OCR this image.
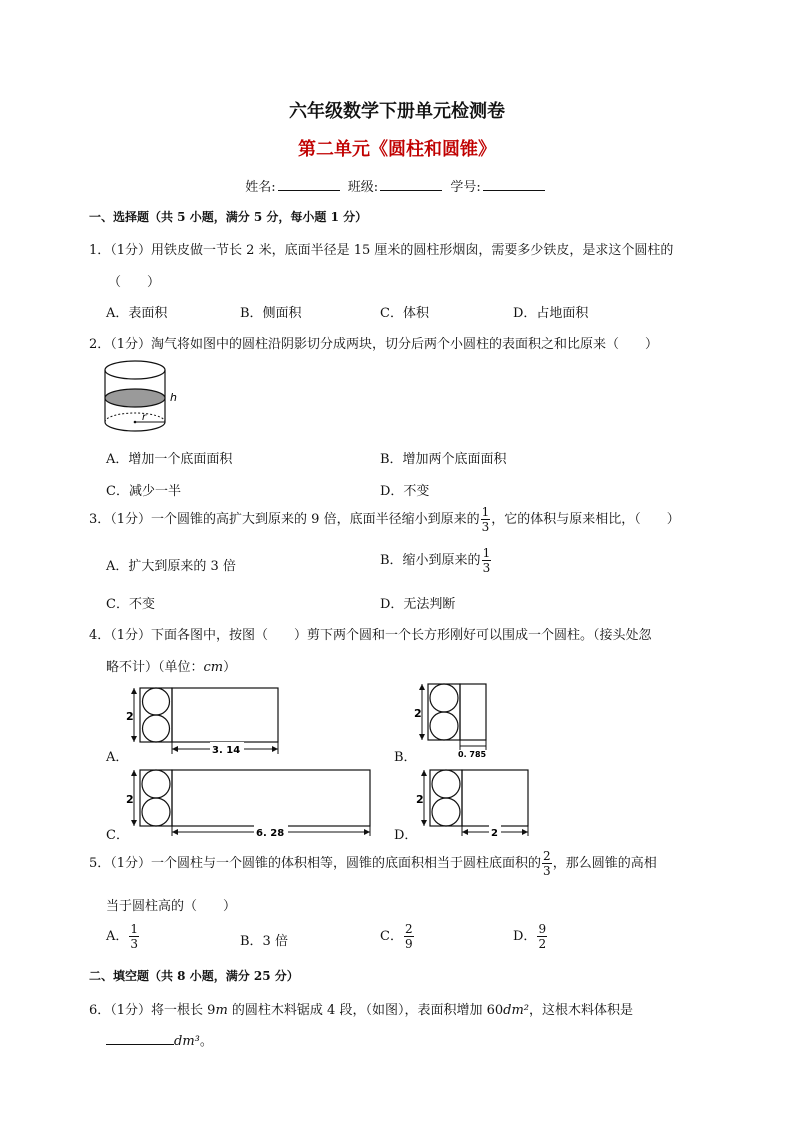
六年级数学下册单元检测卷
第二单元《圆柱和圆锥》
姓名:	班级:	学号:
一、选择题（共 5 小题，满分 5 分，每小题 1 分）
1．（1分）用铁皮做一节长 2 米，底面半径是 15 厘米的圆柱形烟囱，需要多少铁皮，是求这个圆柱的
（　　）
A．表面积	B．侧面积	C．体积	D．占地面积
2．（1分）淘气将如图中的圆柱沿阴影切分成两块，切分后两个小圆柱的表面积之和比原来（　　）
h
r
A．增加一个底面面积	B．增加两个底面面积
C．减少一半	D．不变
3．（1分）一个圆锥的高扩大到原来的 9 倍，底面半径缩小到原来的 $\frac{1}{3}$ ，它的体积与原来相比，（　　）
A．扩大到原来的 3 倍	B．缩小到原来的 $\frac{1}{3}$
C．不变	D．无法判断
4．（1分）下面各图中，按图（　　）剪下两个圆和一个长方形刚好可以围成一个圆柱。（接头处忽
略不计）（单位：cm）
A．
2
3. 14	B．
2
0. 785
C．
2
6. 28	D．
2
2
5．（1分）一个圆柱与一个圆锥的体积相等，圆锥的底面积相当于圆柱底面积的 $\frac{2}{3}$ ，那么圆锥的高相
当于圆柱高的（　　）
A． $\frac{1}{3}$	B．3 倍	C． $\frac{2}{9}$	D． $\frac{9}{2}$
二、填空题（共 8 小题，满分 25 分）
6．（1分）将一根长 9m 的圆柱木料锯成 4 段，（如图），表面积增加 60dm²，这根木料体积是
dm³。
